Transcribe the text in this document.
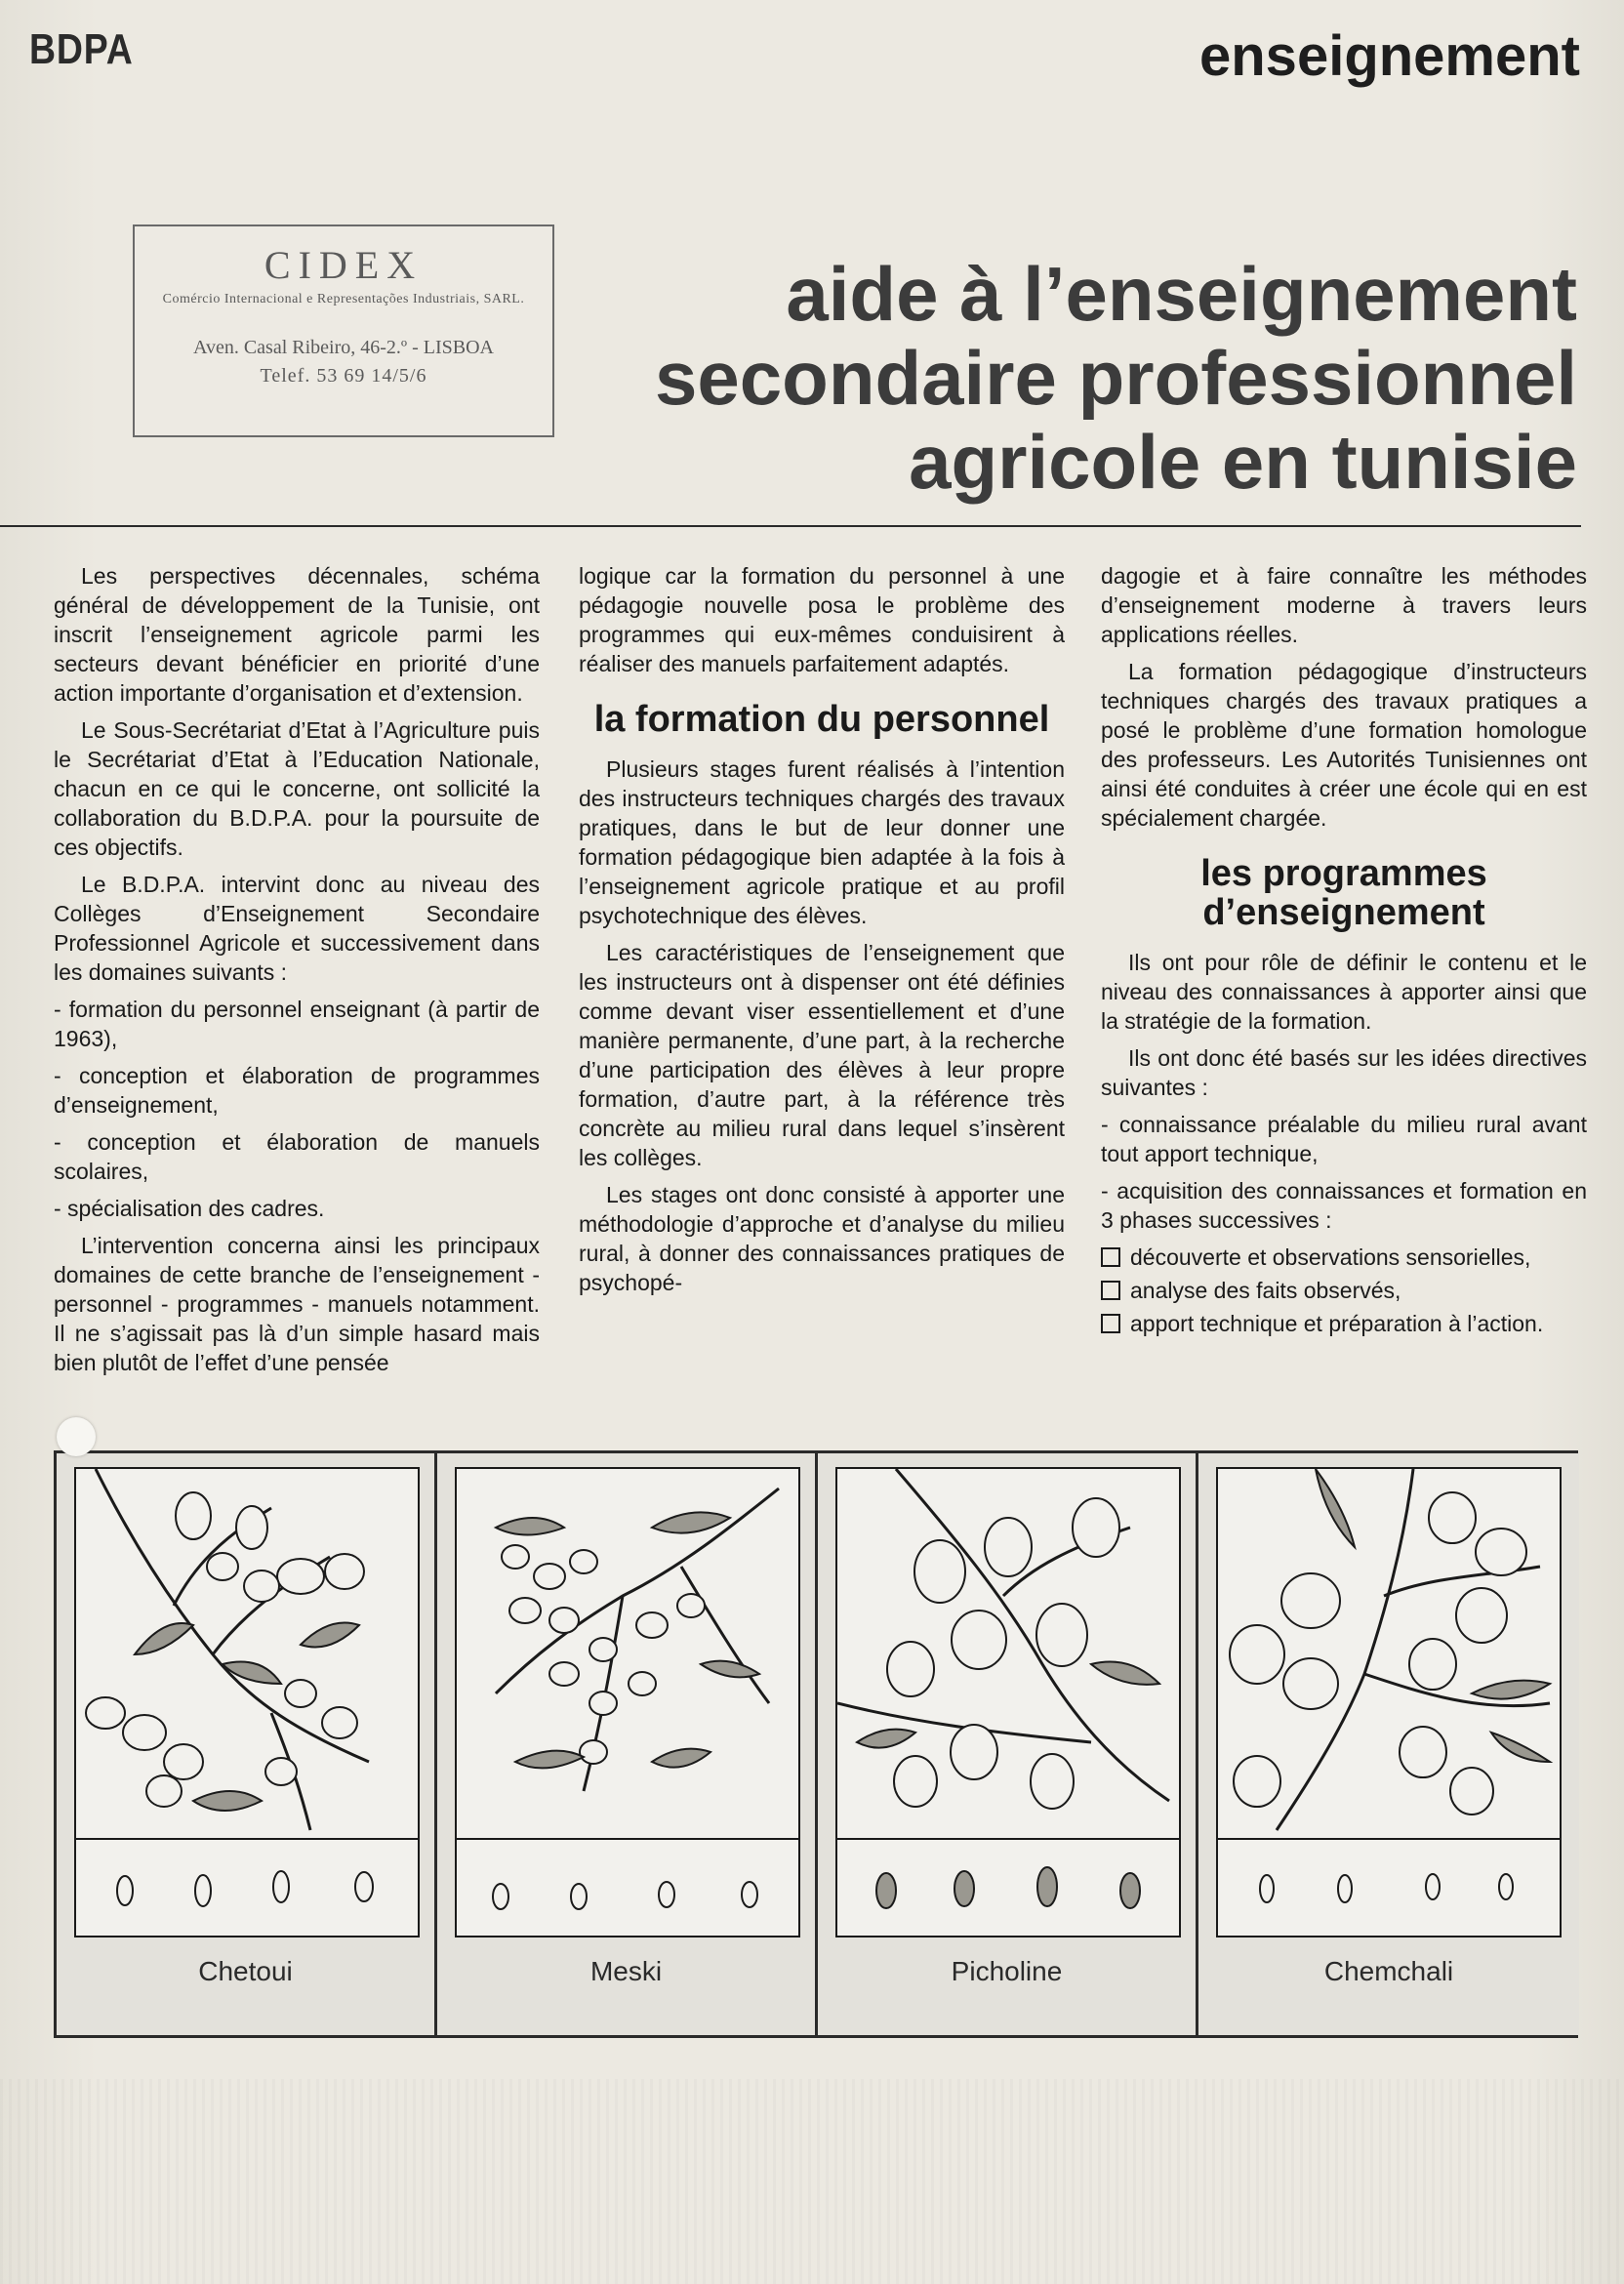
BDPA	enseignement
CIDEX
Comércio Internacional e Representações Industriais, SARL.
Aven. Casal Ribeiro, 46-2.º - LISBOA
Telef. 53 69 14/5/6
aide à l’enseignement
secondaire professionnel
agricole en tunisie

Les perspectives décennales, schéma général de développement de la Tunisie, ont inscrit l’enseignement agricole parmi les secteurs devant bénéficier en priorité d’une action importante d’organisation et d’extension.

Le Sous-Secrétariat d’Etat à l’Agriculture puis le Secrétariat d’Etat à l’Education Nationale, chacun en ce qui le concerne, ont sollicité la collaboration du B.D.P.A. pour la poursuite de ces objectifs.

Le B.D.P.A. intervint donc au niveau des Collèges d’Enseignement Secondaire Professionnel Agricole et successivement dans les domaines suivants :

- formation du personnel enseignant (à partir de 1963),

- conception et élaboration de programmes d’enseignement,

- conception et élaboration de manuels scolaires,

- spécialisation des cadres.

L’intervention concerna ainsi les principaux domaines de cette branche de l’enseignement - personnel - programmes - manuels notamment. Il ne s’agissait pas là d’un simple hasard mais bien plutôt de l’effet d’une pensée

logique car la formation du personnel à une pédagogie nouvelle posa le problème des programmes qui eux-mêmes conduisirent à réaliser des manuels parfaitement adaptés.

la formation du personnel

Plusieurs stages furent réalisés à l’intention des instructeurs techniques chargés des travaux pratiques, dans le but de leur donner une formation pédagogique bien adaptée à la fois à l’enseignement agricole pratique et au profil psychotechnique des élèves.

Les caractéristiques de l’enseignement que les instructeurs ont à dispenser ont été définies comme devant viser essentiellement et d’une manière permanente, d’une part, à la recherche d’une participation des élèves à leur propre formation, d’autre part, à la référence très concrète au milieu rural dans lequel s’insèrent les collèges.

Les stages ont donc consisté à apporter une méthodologie d’approche et d’analyse du milieu rural, à donner des connaissances pratiques de psychopé-

dagogie et à faire connaître les méthodes d’enseignement moderne à travers leurs applications réelles.

La formation pédagogique d’instructeurs techniques chargés des travaux pratiques a posé le problème d’une formation homologue des professeurs. Les Autorités Tunisiennes ont ainsi été conduites à créer une école qui en est spécialement chargée.

les programmes d’enseignement

Ils ont pour rôle de définir le contenu et le niveau des connaissances à apporter ainsi que la stratégie de la formation.

Ils ont donc été basés sur les idées directives suivantes :

- connaissance préalable du milieu rural avant tout apport technique,

- acquisition des connaissances et formation en 3 phases successives :

découverte et observations sensorielles,

analyse des faits observés,

apport technique et préparation à l’action.

Chetoui	Meski	Picholine	Chemchali
